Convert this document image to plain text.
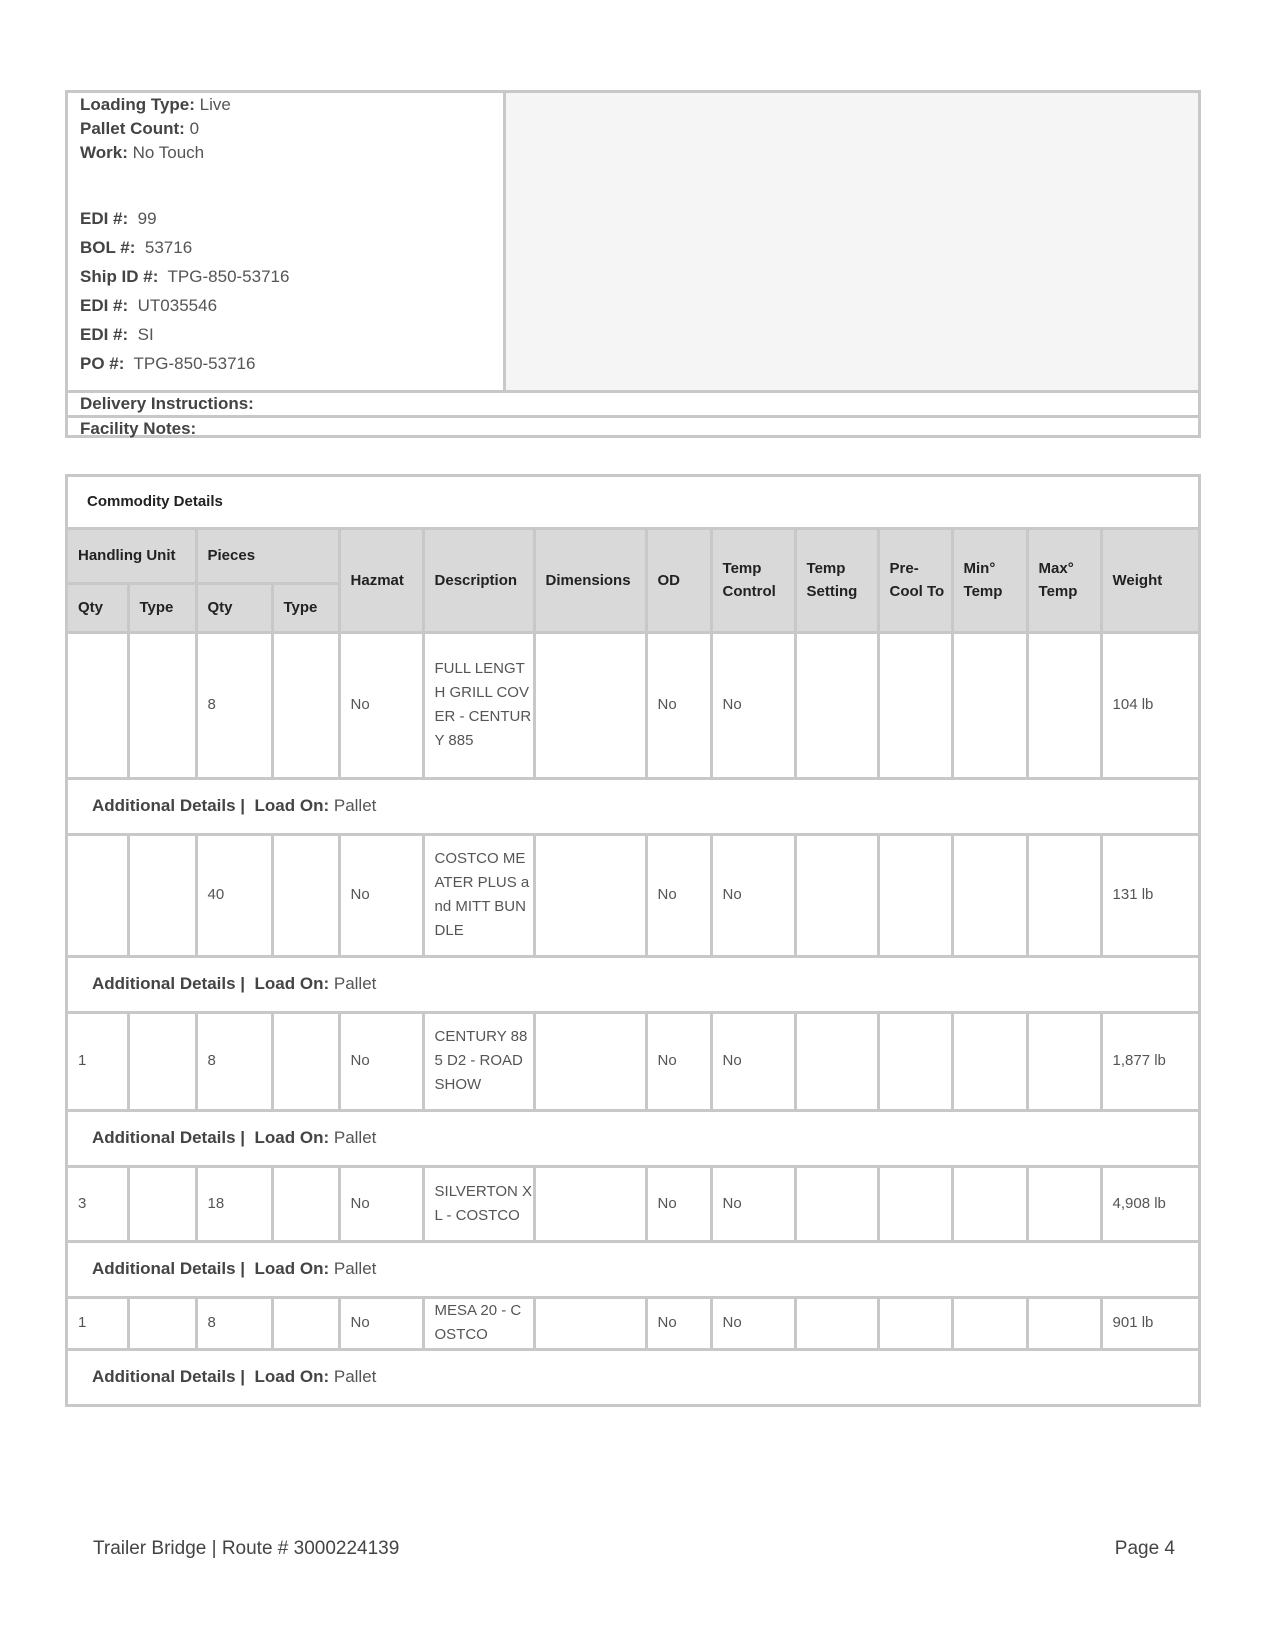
Loading Type: Live
Pallet Count: 0
Work: No Touch
EDI #: 99
BOL #: 53716
Ship ID #: TPG-850-53716
EDI #: UT035546
EDI #: SI
PO #: TPG-850-53716
Delivery Instructions:
Facility Notes:
Commodity Details
Handling Unit		Pieces		Hazmat	Description	Dimensions	OD	Temp Control	Temp Setting	Pre-Cool To	Min° Temp	Max° Temp	Weight
Qty	Type	Qty	Type										
		8		No	FULL LENGTH GRILL COVER - CENTURY 885		No	No					104 lb
Additional Details | Load On: Pallet													
		40		No	COSTCO MEATER PLUS and MITT BUNDLE		No	No					131 lb
Additional Details | Load On: Pallet													
1		8		No	CENTURY 885 D2 - ROADSHOW		No	No					1,877 lb
Additional Details | Load On: Pallet													
3		18		No	SILVERTON XL - COSTCO		No	No					4,908 lb
Additional Details | Load On: Pallet													
1		8		No	MESA 20 - COSTCO		No	No					901 lb
Additional Details | Load On: Pallet													
Trailer Bridge | Route # 3000224139	Page 4
